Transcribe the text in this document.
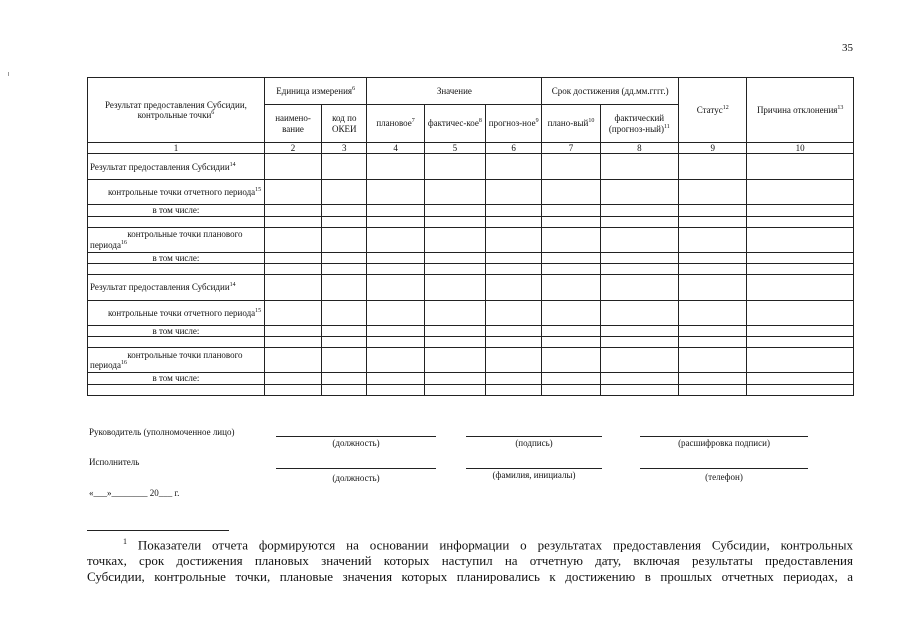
35
Результат предоставления Субсидии, контрольные точки$^6$	Единица измерения$^6$		Значение			Срок достижения (дд.мм.гггг.)		Статус$^{12}$	Причина отклонения$^{13}$
	наимено-вание	код по ОКЕИ	плановое$^7$	фактичес-кое$^8$	прогноз-ное$^9$	плано-вый$^{10}$	фактический (прогноз-ный)$^{11}$
1	2	3	4	5	6	7	8	9	10
Результат предоставления Субсидии$^{14}$									
контрольные точки отчетного периода$^{15}$									
в том числе:									

контрольные точки планового периода$^{16}$									
в том числе:									

Результат предоставления Субсидии$^{14}$									
контрольные точки отчетного периода$^{15}$									
в том числе:									

контрольные точки планового периода$^{16}$									
в том числе:									

Руководитель (уполномоченное лицо)
(должность)	(подпись)	(расшифровка подписи)
Исполнитель
(должность)	(фамилия, инициалы)	(телефон)
«___»________ 20___ г.
$^1$ Показатели отчета формируются на основании информации о результатах предоставления Субсидии, контрольных
точках, срок достижения плановых значений которых наступил на отчетную дату, включая результаты предоставления
Субсидии, контрольные точки, плановые значения которых планировались к достижению в прошлых отчетных периодах, а
